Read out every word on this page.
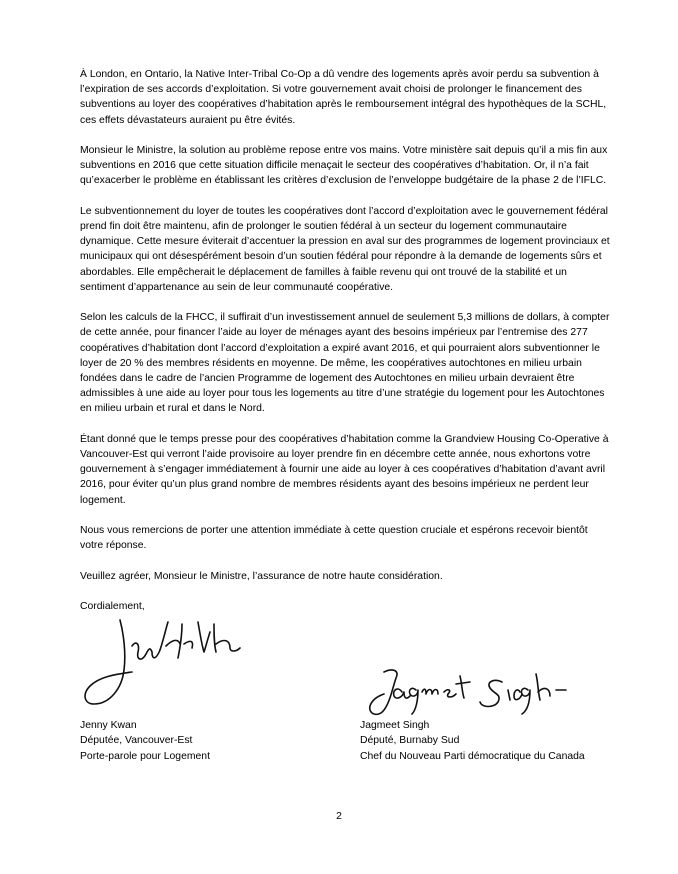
À London, en Ontario, la Native Inter-Tribal Co-Op a dû vendre des logements après avoir perdu sa subvention à l’expiration de ses accords d’exploitation. Si votre gouvernement avait choisi de prolonger le financement des subventions au loyer des coopératives d’habitation après le remboursement intégral des hypothèques de la SCHL, ces effets dévastateurs auraient pu être évités.

Monsieur le Ministre, la solution au problème repose entre vos mains. Votre ministère sait depuis qu’il a mis fin aux subventions en 2016 que cette situation difficile menaçait le secteur des coopératives d’habitation. Or, il n’a fait qu’exacerber le problème en établissant les critères d’exclusion de l’enveloppe budgétaire de la phase 2 de l’IFLC.

Le subventionnement du loyer de toutes les coopératives dont l’accord d’exploitation avec le gouvernement fédéral prend fin doit être maintenu, afin de prolonger le soutien fédéral à un secteur du logement communautaire dynamique. Cette mesure éviterait d’accentuer la pression en aval sur des programmes de logement provinciaux et municipaux qui ont désespérément besoin d’un soutien fédéral pour répondre à la demande de logements sûrs et abordables. Elle empêcherait le déplacement de familles à faible revenu qui ont trouvé de la stabilité et un sentiment d’appartenance au sein de leur communauté coopérative.

Selon les calculs de la FHCC, il suffirait d’un investissement annuel de seulement 5,3 millions de dollars, à compter de cette année, pour financer l’aide au loyer de ménages ayant des besoins impérieux par l’entremise des 277 coopératives d’habitation dont l’accord d’exploitation a expiré avant 2016, et qui pourraient alors subventionner le loyer de 20 % des membres résidents en moyenne. De même, les coopératives autochtones en milieu urbain fondées dans le cadre de l’ancien Programme de logement des Autochtones en milieu urbain devraient être admissibles à une aide au loyer pour tous les logements au titre d’une stratégie du logement pour les Autochtones en milieu urbain et rural et dans le Nord.

Étant donné que le temps presse pour des coopératives d’habitation comme la Grandview Housing Co-Operative à Vancouver-Est qui verront l’aide provisoire au loyer prendre fin en décembre cette année, nous exhortons votre gouvernement à s’engager immédiatement à fournir une aide au loyer à ces coopératives d’habitation d’avant avril 2016, pour éviter qu’un plus grand nombre de membres résidents ayant des besoins impérieux ne perdent leur logement.

Nous vous remercions de porter une attention immédiate à cette question cruciale et espérons recevoir bientôt votre réponse.

Veuillez agréer, Monsieur le Ministre, l’assurance de notre haute considération.

Cordialement,

Jenny Kwan
Députée, Vancouver-Est
Porte-parole pour Logement
Jagmeet Singh
Député, Burnaby Sud
Chef du Nouveau Parti démocratique du Canada
2
